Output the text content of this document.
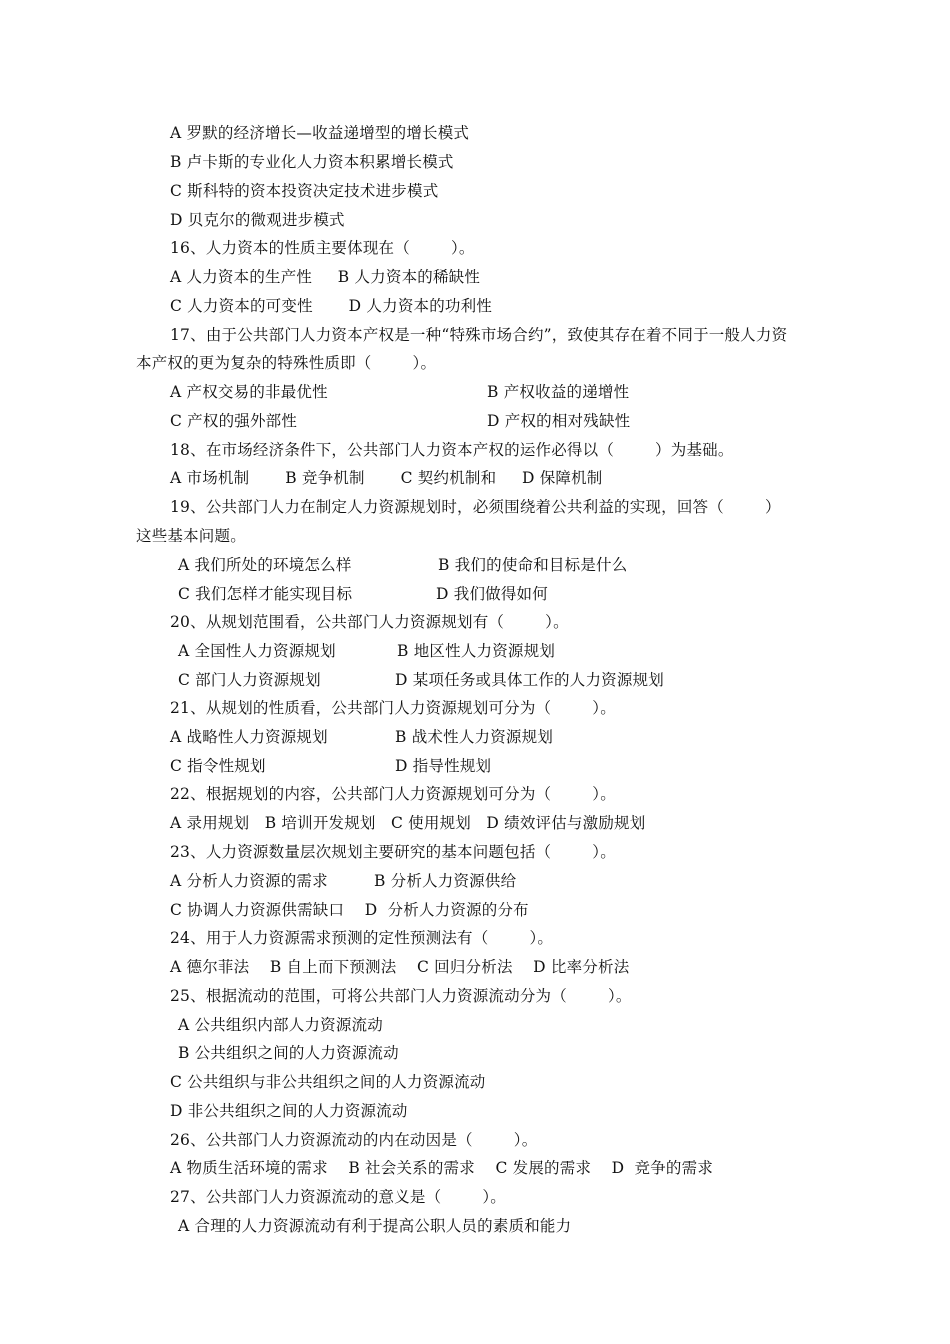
A 罗默的经济增长—收益递增型的增长模式
B 卢卡斯的专业化人力资本积累增长模式
C 斯科特的资本投资决定技术进步模式
D 贝克尔的微观进步模式
16、人力资本的性质主要体现在（        ）。
A 人力资本的生产性     B 人力资本的稀缺性
C 人力资本的可变性       D 人力资本的功利性
17、由于公共部门人力资本产权是一种“特殊市场合约”，致使其存在着不同于一般人力资
本产权的更为复杂的特殊性质即（        ）。
A 产权交易的非最优性	B 产权收益的递增性
C 产权的强外部性	D 产权的相对残缺性
18、在市场经济条件下，公共部门人力资本产权的运作必得以（        ）为基础。
A 市场机制       B 竞争机制       C 契约机制和     D 保障机制
19、公共部门人力在制定人力资源规划时，必须围绕着公共利益的实现，回答（        ）
这些基本问题。
A 我们所处的环境怎么样	B 我们的使命和目标是什么
C 我们怎样才能实现目标	D 我们做得如何
20、从规划范围看，公共部门人力资源规划有（        ）。
A 全国性人力资源规划	B 地区性人力资源规划
C 部门人力资源规划	D 某项任务或具体工作的人力资源规划
21、从规划的性质看，公共部门人力资源规划可分为（        ）。
A 战略性人力资源规划	B 战术性人力资源规划
C 指令性规划	D 指导性规划
22、根据规划的内容，公共部门人力资源规划可分为（        ）。
A 录用规划   B 培训开发规划   C 使用规划   D 绩效评估与激励规划
23、人力资源数量层次规划主要研究的基本问题包括（        ）。
A 分析人力资源的需求         B 分析人力资源供给
C 协调人力资源供需缺口    D  分析人力资源的分布
24、用于人力资源需求预测的定性预测法有（        ）。
A 德尔菲法    B 自上而下预测法    C 回归分析法    D 比率分析法
25、根据流动的范围，可将公共部门人力资源流动分为（        ）。
A 公共组织内部人力资源流动
B 公共组织之间的人力资源流动
C 公共组织与非公共组织之间的人力资源流动
D 非公共组织之间的人力资源流动
26、公共部门人力资源流动的内在动因是（        ）。
A 物质生活环境的需求    B 社会关系的需求    C 发展的需求    D  竞争的需求
27、公共部门人力资源流动的意义是（        ）。
A 合理的人力资源流动有利于提高公职人员的素质和能力
